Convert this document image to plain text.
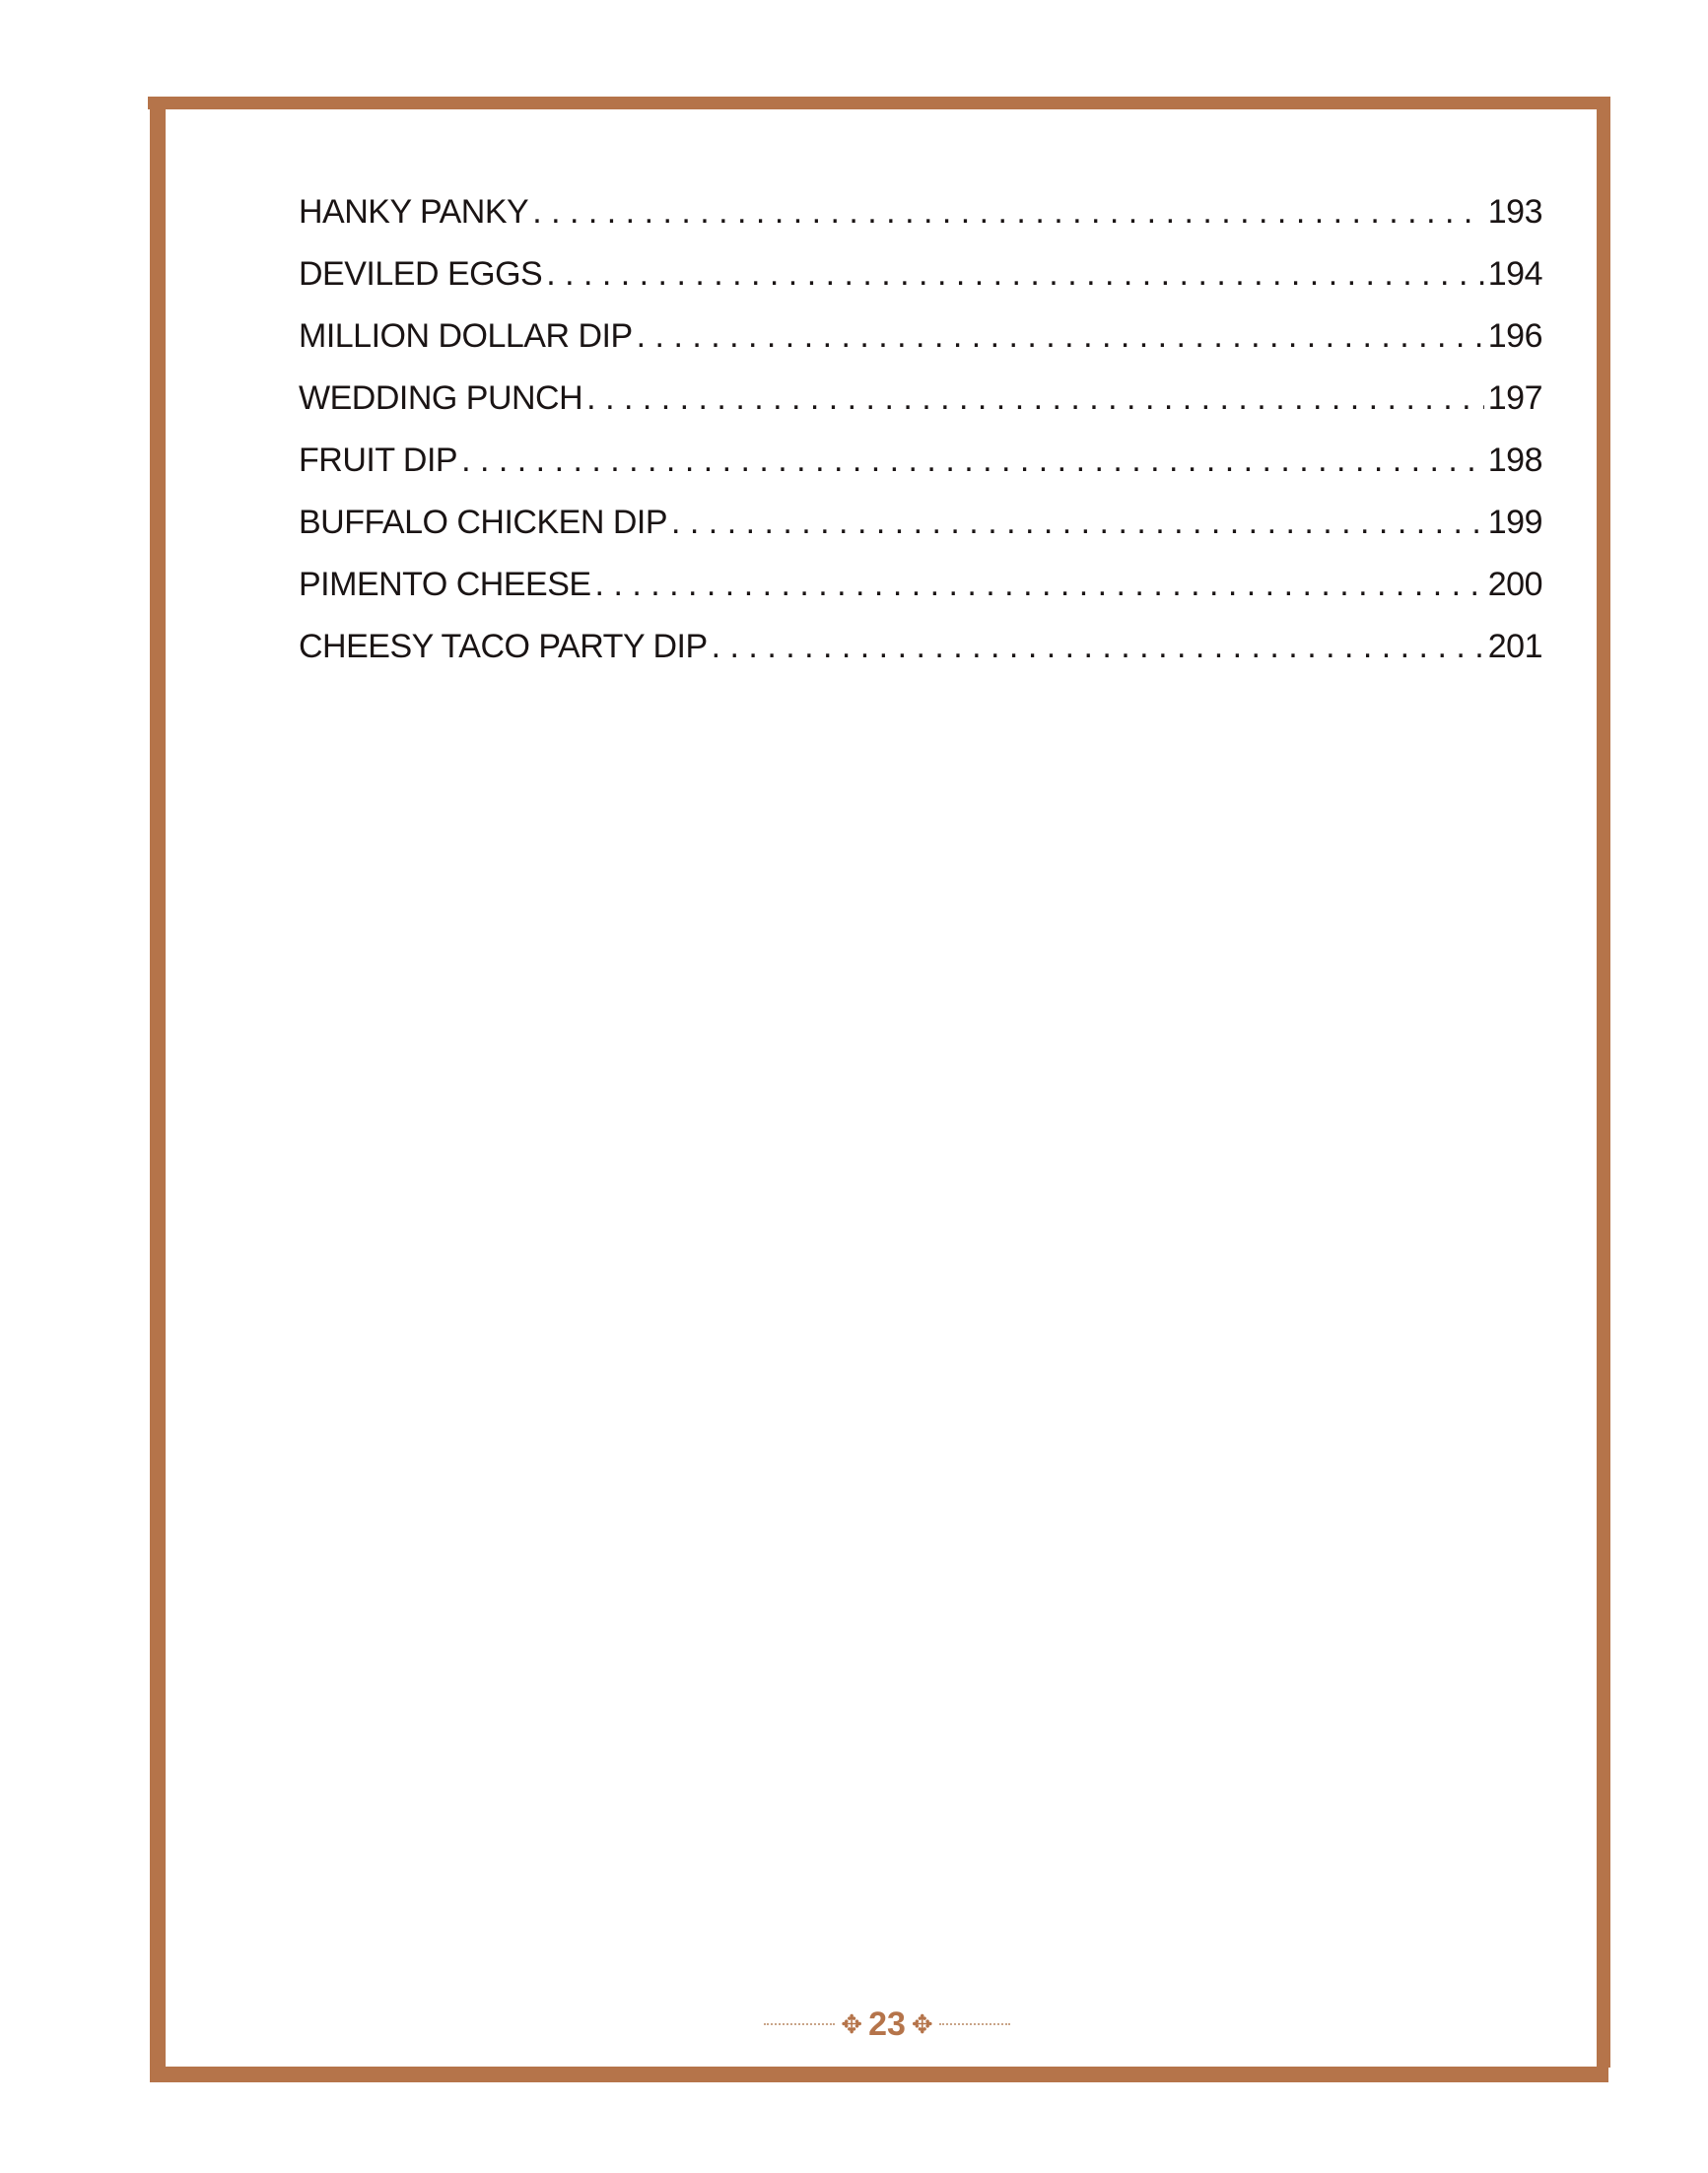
HANKY PANKY . . .	193
DEVILED EGGS . . .	194
MILLION DOLLAR DIP . . .	196
WEDDING PUNCH . . .	197
FRUIT DIP . . .	198
BUFFALO CHICKEN DIP . . .	199
PIMENTO CHEESE . . .	200
CHEESY TACO PARTY DIP . . .	201
✥ 23 ✥
